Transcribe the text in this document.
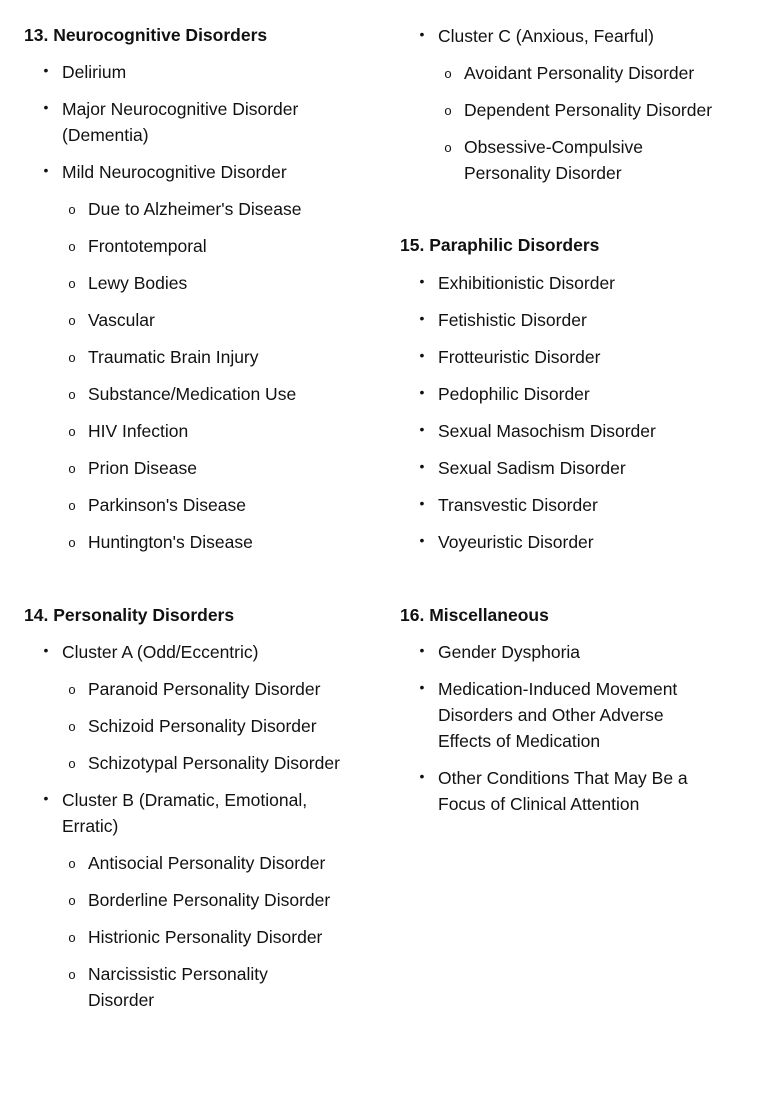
13. Neurocognitive Disorders
• Delirium
• Major Neurocognitive Disorder (Dementia)
• Mild Neurocognitive Disorder
o Due to Alzheimer's Disease
o Frontotemporal
o Lewy Bodies
o Vascular
o Traumatic Brain Injury
o Substance/Medication Use
o HIV Infection
o Prion Disease
o Parkinson's Disease
o Huntington's Disease
14. Personality Disorders
• Cluster A (Odd/Eccentric)
o Paranoid Personality Disorder
o Schizoid Personality Disorder
o Schizotypal Personality Disorder
• Cluster B (Dramatic, Emotional, Erratic)
o Antisocial Personality Disorder
o Borderline Personality Disorder
o Histrionic Personality Disorder
o Narcissistic Personality Disorder
• Cluster C (Anxious, Fearful)
o Avoidant Personality Disorder
o Dependent Personality Disorder
o Obsessive-Compulsive Personality Disorder
15. Paraphilic Disorders
• Exhibitionistic Disorder
• Fetishistic Disorder
• Frotteuristic Disorder
• Pedophilic Disorder
• Sexual Masochism Disorder
• Sexual Sadism Disorder
• Transvestic Disorder
• Voyeuristic Disorder
16. Miscellaneous
• Gender Dysphoria
• Medication-Induced Movement Disorders and Other Adverse Effects of Medication
• Other Conditions That May Be a Focus of Clinical Attention
